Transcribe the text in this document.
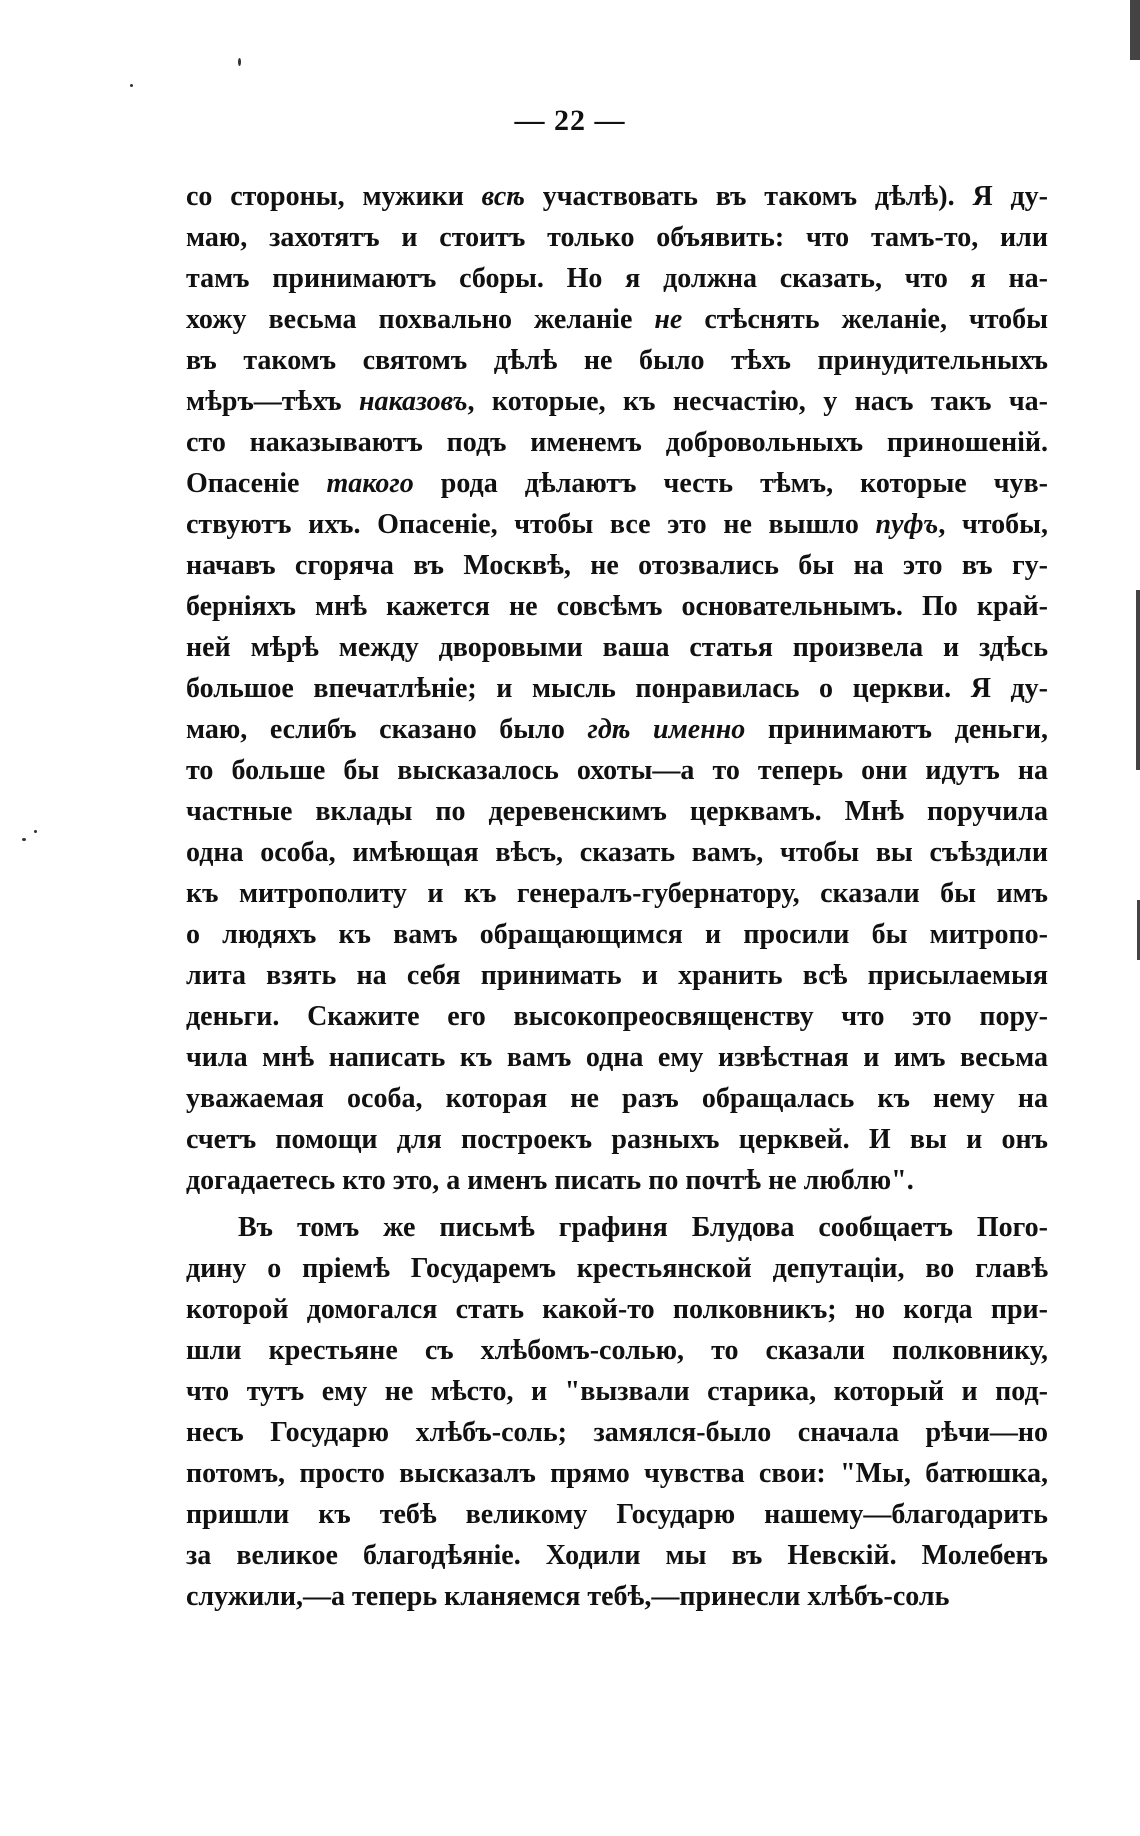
— 22 —
со стороны, мужики всѣ участвовать въ такомъ дѣлѣ). Я ду-
маю, захотятъ и стоитъ только объявить: что тамъ-то, или
тамъ принимаютъ сборы. Но я должна сказать, что я на-
хожу весьма похвально желаніе не стѣснять желаніе, чтобы
въ такомъ святомъ дѣлѣ не было тѣхъ принудительныхъ
мѣръ—тѣхъ наказовъ, которые, къ несчастію, у насъ такъ ча-
сто наказываютъ подъ именемъ добровольныхъ приношеній.
Опасеніе такого рода дѣлаютъ честь тѣмъ, которые чув-
ствуютъ ихъ. Опасеніе, чтобы все это не вышло пуфъ, чтобы,
начавъ сгоряча въ Москвѣ, не отозвались бы на это въ гу-
берніяхъ мнѣ кажется не совсѣмъ основательнымъ. По край-
ней мѣрѣ между дворовыми ваша статья произвела и здѣсь
большое впечатлѣніе; и мысль понравилась о церкви. Я ду-
маю, еслибъ сказано было гдѣ именно принимаютъ деньги,
то больше бы высказалось охоты—а то теперь они идутъ на
частные вклады по деревенскимъ церквамъ. Мнѣ поручила
одна особа, имѣющая вѣсъ, сказать вамъ, чтобы вы съѣздили
къ митрополиту и къ генералъ-губернатору, сказали бы имъ
о людяхъ къ вамъ обращающимся и просили бы митропо-
лита взять на себя принимать и хранить всѣ присылаемыя
деньги. Скажите его высокопреосвященству что это пору-
чила мнѣ написать къ вамъ одна ему извѣстная и имъ весьма
уважаемая особа, которая не разъ обращалась къ нему на
счетъ помощи для построекъ разныхъ церквей. И вы и онъ
догадаетесь кто это, а именъ писать по почтѣ не люблю".
Въ томъ же письмѣ графиня Блудова сообщаетъ Пого-
дину о пріемѣ Государемъ крестьянской депутаціи, во главѣ
которой домогался стать какой-то полковникъ; но когда при-
шли крестьяне съ хлѣбомъ-солью, то сказали полковнику,
что тутъ ему не мѣсто, и "вызвали старика, который и под-
несъ Государю хлѣбъ-соль; замялся-было сначала рѣчи—но
потомъ, просто высказалъ прямо чувства свои: "Мы, батюшка,
пришли къ тебѣ великому Государю нашему—благодарить
за великое благодѣяніе. Ходили мы въ Невскій. Молебенъ
служили,—а теперь кланяемся тебѣ,—принесли хлѣбъ-соль
